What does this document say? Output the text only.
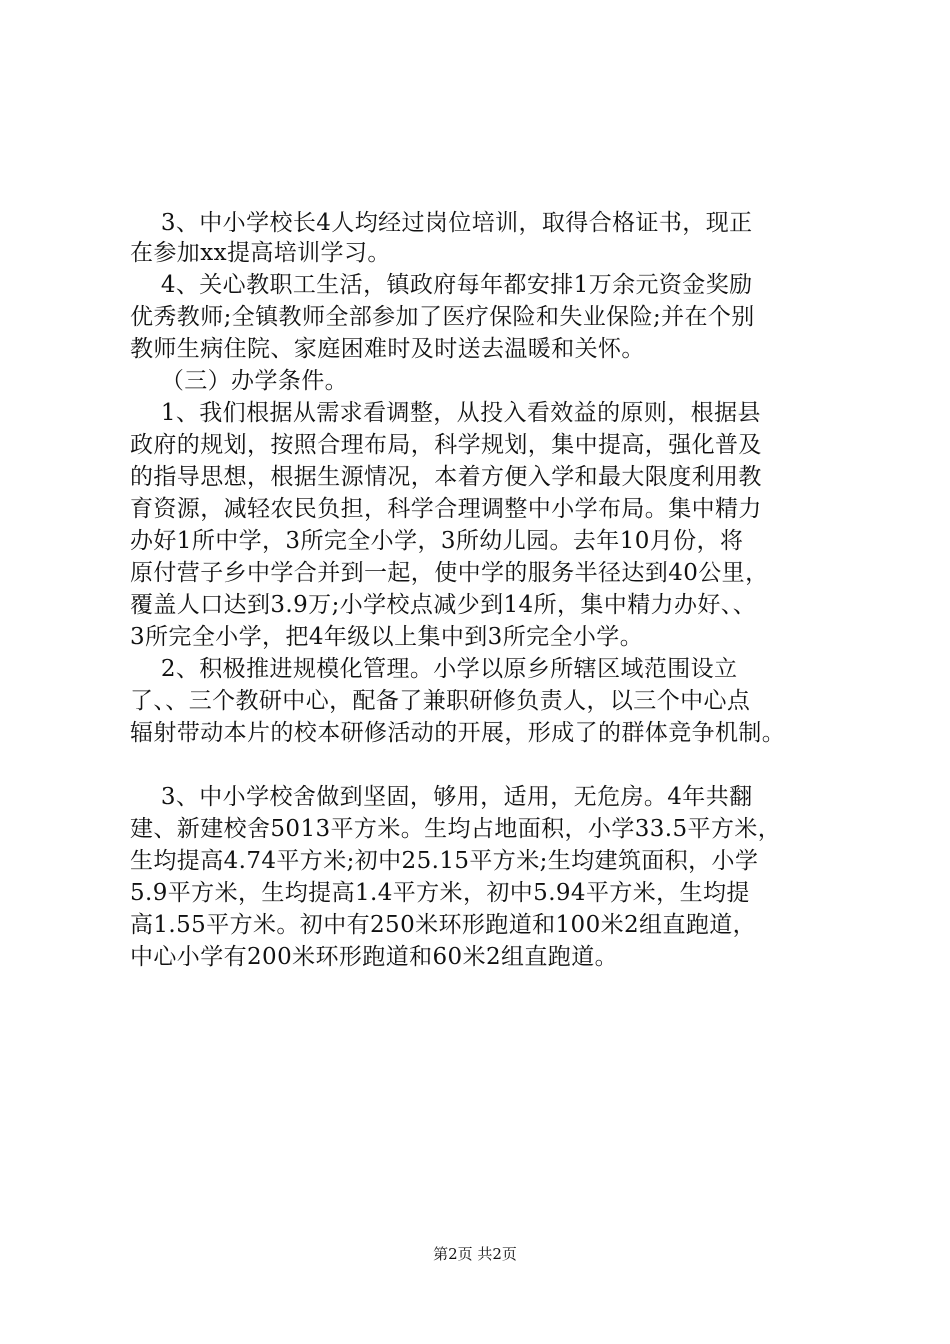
3、中小学校长4人均经过岗位培训，取得合格证书，现正
在参加xx提高培训学习。
4、关心教职工生活，镇政府每年都安排1万余元资金奖励
优秀教师;全镇教师全部参加了医疗保险和失业保险;并在个别
教师生病住院、家庭困难时及时送去温暖和关怀。
（三）办学条件。
1、我们根据从需求看调整，从投入看效益的原则，根据县
政府的规划，按照合理布局，科学规划，集中提高，强化普及
的指导思想，根据生源情况，本着方便入学和最大限度利用教
育资源，减轻农民负担，科学合理调整中小学布局。集中精力
办好1所中学，3所完全小学，3所幼儿园。去年10月份，将
原付营子乡中学合并到一起，使中学的服务半径达到40公里，
覆盖人口达到3.9万;小学校点减少到14所，集中精力办好、、
3所完全小学，把4年级以上集中到3所完全小学。
2、积极推进规模化管理。小学以原乡所辖区域范围设立
了、、三个教研中心，配备了兼职研修负责人，以三个中心点
辐射带动本片的校本研修活动的开展，形成了的群体竞争机制。
3、中小学校舍做到坚固，够用，适用，无危房。4年共翻
建、新建校舍5013平方米。生均占地面积，小学33.5平方米，
生均提高4.74平方米;初中25.15平方米;生均建筑面积，小学
5.9平方米，生均提高1.4平方米，初中5.94平方米，生均提
高1.55平方米。初中有250米环形跑道和100米2组直跑道，
中心小学有200米环形跑道和60米2组直跑道。
第2页 共2页
